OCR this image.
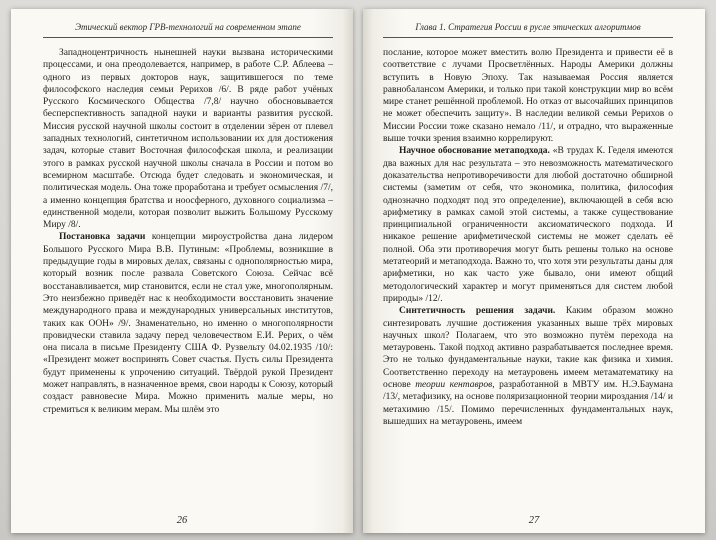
Этический вектор ГРВ-технологий на современном этапе

Западноцентричность нынешней науки вызвана историческими процессами, и она преодолевается, например, в работе С.Р. Аблеева – одного из первых докторов наук, защитившегося по теме философского наследия семьи Рерихов /6/. В ряде работ учёных Русского Космического Общества /7,8/ научно обосновывается бесперспективность западной науки и варианты развития русской. Миссия русской научной школы состоит в отделении зёрен от плевел западных технологий, синтетичном использовании их для достижения задач, которые ставит Восточная философская школа, и реализации этого в рамках русской научной школы сначала в России и потом во всемирном масштабе. Отсюда будет следовать и экономическая, и политическая модель. Она тоже проработана и требует осмысления /7/, а именно концепция братства и ноосферного, духовного социализма – единственной модели, которая позволит выжить Большому Русскому Миру /8/.

Постановка задачи концепции мироустройства дана лидером Большого Русского Мира В.В. Путиным: «Проблемы, возникшие в предыдущие годы в мировых делах, связаны с однополярностью мира, который возник после развала Советского Союза. Сейчас всё восстанавливается, мир становится, если не стал уже, многополярным. Это неизбежно приведёт нас к необходимости восстановить значение международного права и международных универсальных институтов, таких как ООН» /9/. Знаменательно, но именно о многополярности провидчески ставила задачу перед человечеством Е.И. Рерих, о чём она писала в письме Президенту США Ф. Рузвельту 04.02.1935 /10/: «Президент может воспринять Совет счастья. Пусть силы Президента будут применены к упрочению ситуаций. Твёрдой рукой Президент может направлять, в назначенное время, свои народы к Союзу, который создаст равновесие Мира. Можно применить малые меры, но стремиться к великим мерам. Мы шлём это

26
Глава 1. Стратегия России в русле этических алгоритмов

послание, которое может вместить волю Президента и привести её в соответствие с лучами Просветлённых. Народы Америки должны вступить в Новую Эпоху. Так называемая Россия является равнобалансом Америки, и только при такой конструкции мир во всём мире станет решённой проблемой. Но отказ от высочайших принципов не может обеспечить защиту». В наследии великой семьи Рерихов о Миссии России тоже сказано немало /11/, и отрадно, что выраженные выше точки зрения взаимно коррелируют.

Научное обоснование метаподхода. «В трудах К. Геделя имеются два важных для нас результата – это невозможность математического доказательства непротиворечивости для любой достаточно обширной системы (заметим от себя, что экономика, политика, философия однозначно подходят под это определение), включающей в себя всю арифметику в рамках самой этой системы, а также существование принципиальной ограниченности аксиоматического подхода. И никакое решение арифметической системы не может сделать её полной. Оба эти противоречия могут быть решены только на основе метатеорий и метаподхода. Важно то, что хотя эти результаты даны для арифметики, но как часто уже бывало, они имеют общий методологический характер и могут применяться для систем любой природы» /12/.

Синтетичность решения задачи. Каким образом можно синтезировать лучшие достижения указанных выше трёх мировых научных школ? Полагаем, что это возможно путём перехода на метауровень. Такой подход активно разрабатывается последнее время. Это не только фундаментальные науки, такие как физика и химия. Соответственно переходу на метауровень имеем метаматематику на основе теории кентавров, разработанной в МВТУ им. Н.Э.Баумана /13/, метафизику, на основе поляризационной теории мироздания /14/ и метахимию /15/. Помимо перечисленных фундаментальных наук, вышедших на метауровень, имеем

27
